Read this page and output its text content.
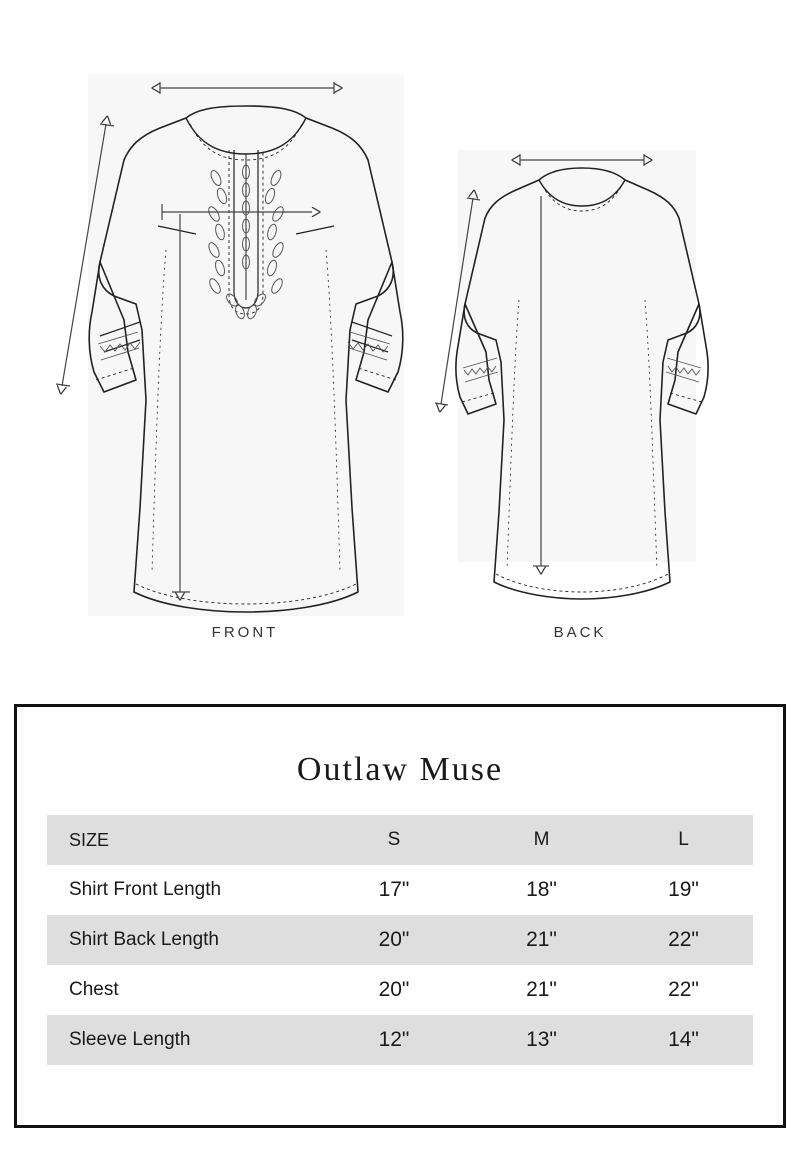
FRONT	BACK
Outlaw Muse
SIZE	S	M	L
Shirt Front Length	17"	18"	19"
Shirt Back Length	20"	21"	22"
Chest	20"	21"	22"
Sleeve Length	12"	13"	14"
